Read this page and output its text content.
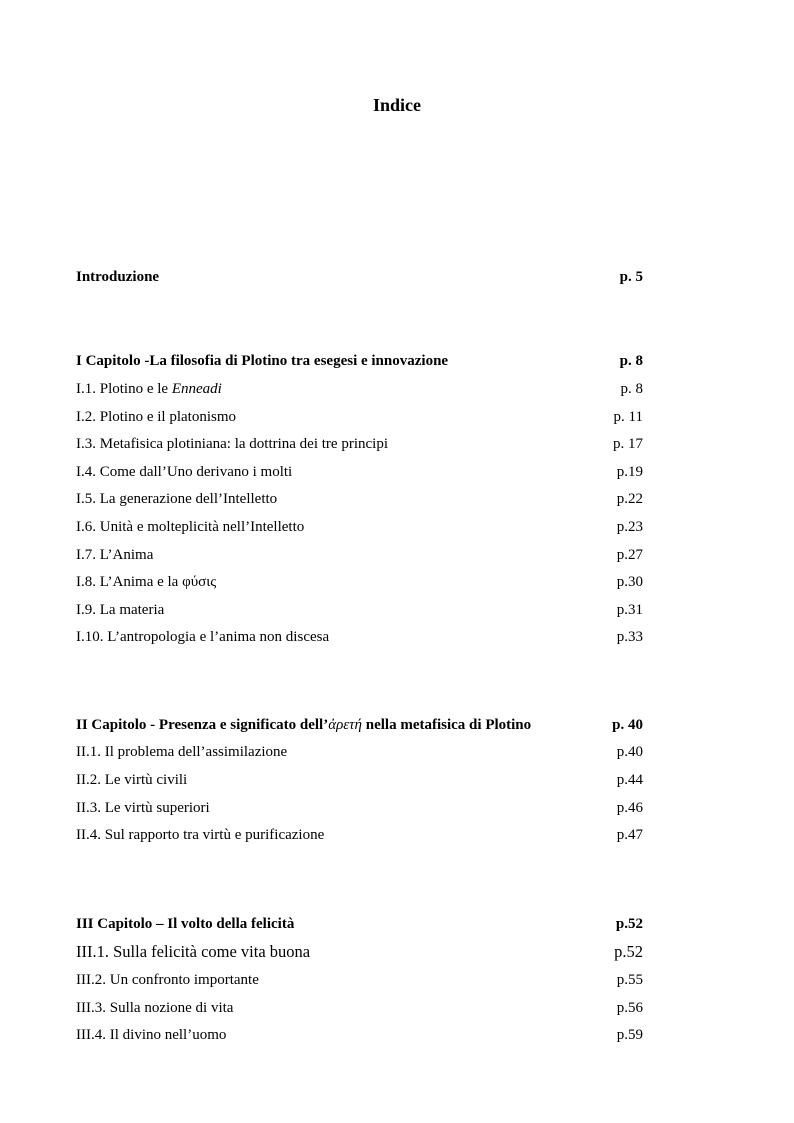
Indice
Introduzione	p. 5
I Capitolo -La filosofia di Plotino tra esegesi e innovazione	p. 8
I.1. Plotino e le Enneadi	p. 8
I.2. Plotino e il platonismo	p. 11
I.3. Metafisica plotiniana: la dottrina dei tre principi	p. 17
I.4. Come dall’Uno derivano i molti	p.19
I.5. La generazione dell’Intelletto	p.22
I.6. Unità e molteplicità nell’Intelletto	p.23
I.7. L’Anima	p.27
I.8. L’Anima e la φύσις	p.30
I.9. La materia	p.31
I.10. L’antropologia e l’anima non discesa	p.33
II Capitolo - Presenza e significato dell’ἀρετή nella metafisica di Plotino	p. 40
II.1. Il problema dell’assimilazione	p.40
II.2. Le virtù civili	p.44
II.3. Le virtù superiori	p.46
II.4. Sul rapporto tra virtù e purificazione	p.47
III Capitolo – Il volto della felicità	p.52
III.1. Sulla felicità come vita buona	p.52
III.2. Un confronto importante	p.55
III.3. Sulla nozione di vita	p.56
III.4. Il divino nell’uomo	p.59
